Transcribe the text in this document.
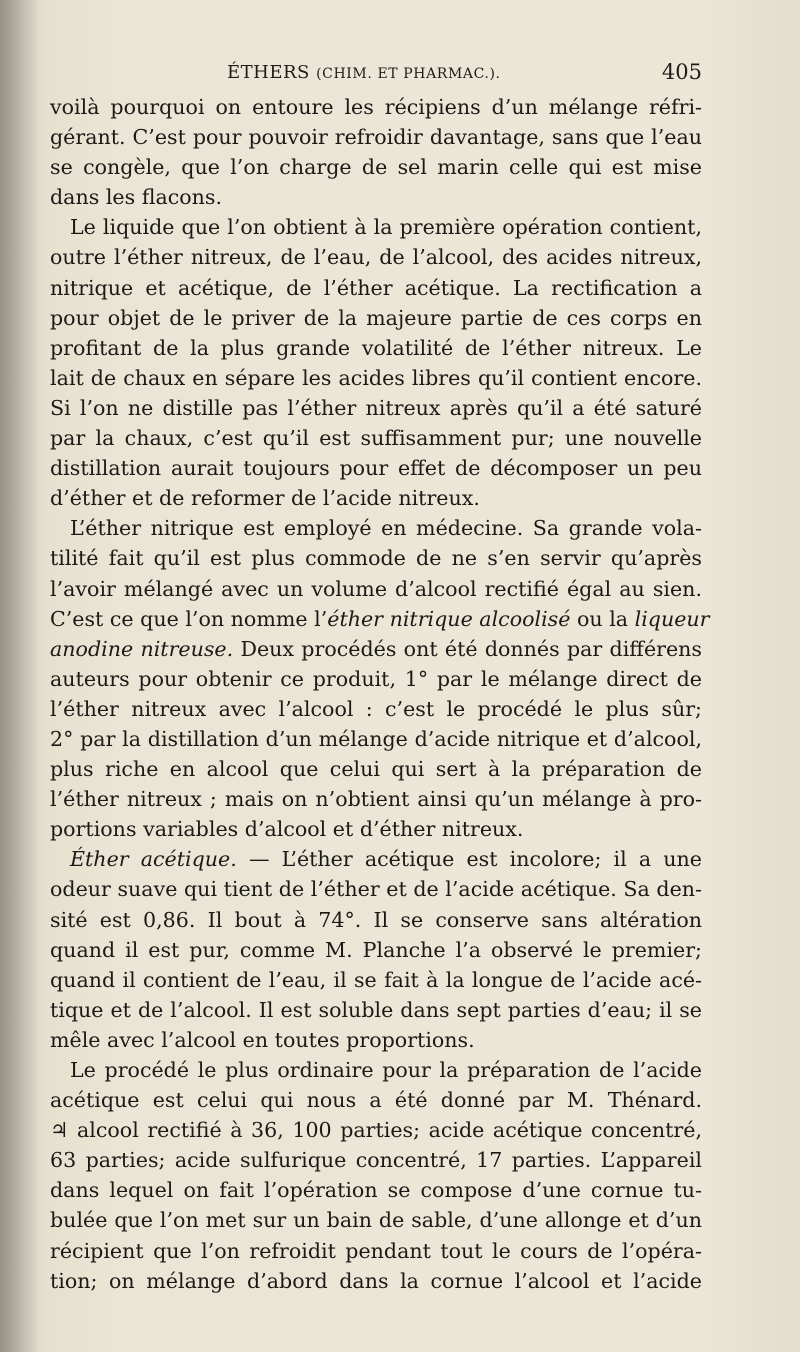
ÉTHERS (CHIM. ET PHARMAC.).	405
voilà pourquoi on entoure les récipiens d’un mélange réfri-
gérant. C’est pour pouvoir refroidir davantage, sans que l’eau
se congèle, que l’on charge de sel marin celle qui est mise
dans les flacons.
Le liquide que l’on obtient à la première opération contient,
outre l’éther nitreux, de l’eau, de l’alcool, des acides nitreux,
nitrique et acétique, de l’éther acétique. La rectification a
pour objet de le priver de la majeure partie de ces corps en
profitant de la plus grande volatilité de l’éther nitreux. Le
lait de chaux en sépare les acides libres qu’il contient encore.
Si l’on ne distille pas l’éther nitreux après qu’il a été saturé
par la chaux, c’est qu’il est suffisamment pur; une nouvelle
distillation aurait toujours pour effet de décomposer un peu
d’éther et de reformer de l’acide nitreux.
L’éther nitrique est employé en médecine. Sa grande vola-
tilité fait qu’il est plus commode de ne s’en servir qu’après
l’avoir mélangé avec un volume d’alcool rectifié égal au sien.
C’est ce que l’on nomme l’éther nitrique alcoolisé ou la liqueur
anodine nitreuse. Deux procédés ont été donnés par différens
auteurs pour obtenir ce produit, 1° par le mélange direct de
l’éther nitreux avec l’alcool : c’est le procédé le plus sûr;
2° par la distillation d’un mélange d’acide nitrique et d’alcool,
plus riche en alcool que celui qui sert à la préparation de
l’éther nitreux ; mais on n’obtient ainsi qu’un mélange à pro-
portions variables d’alcool et d’éther nitreux.
Éther acétique. — L’éther acétique est incolore; il a une
odeur suave qui tient de l’éther et de l’acide acétique. Sa den-
sité est 0,86. Il bout à 74°. Il se conserve sans altération
quand il est pur, comme M. Planche l’a observé le premier;
quand il contient de l’eau, il se fait à la longue de l’acide acé-
tique et de l’alcool. Il est soluble dans sept parties d’eau; il se
mêle avec l’alcool en toutes proportions.
Le procédé le plus ordinaire pour la préparation de l’acide
acétique est celui qui nous a été donné par M. Thénard.
♃ alcool rectifié à 36, 100 parties; acide acétique concentré,
63 parties; acide sulfurique concentré, 17 parties. L’appareil
dans lequel on fait l’opération se compose d’une cornue tu-
bulée que l’on met sur un bain de sable, d’une allonge et d’un
récipient que l’on refroidit pendant tout le cours de l’opéra-
tion; on mélange d’abord dans la cornue l’alcool et l’acide
